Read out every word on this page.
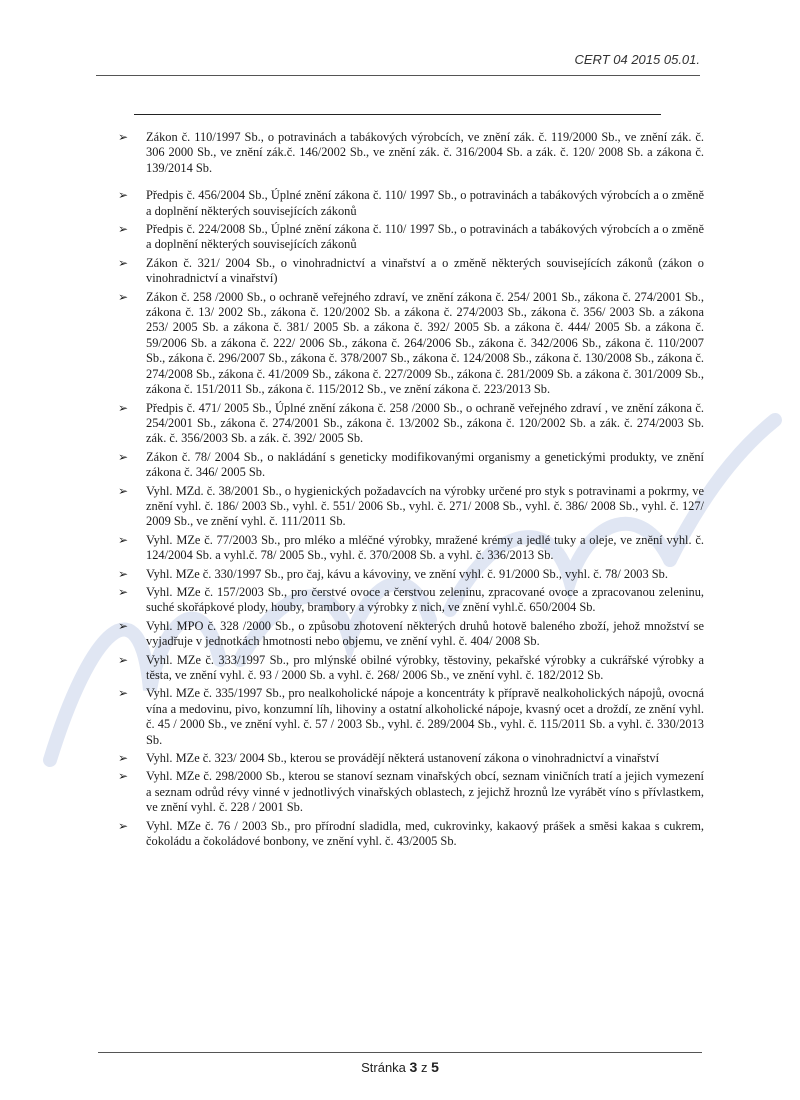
CERT 04 2015 05.01.
➢ Zákon č. 110/1997 Sb., o potravinách a tabákových výrobcích, ve znění zák. č. 119/2000 Sb., ve znění zák. č. 306 2000 Sb., ve znění zák.č. 146/2002 Sb., ve znění zák. č. 316/2004 Sb. a zák. č. 120/ 2008 Sb. a zákona č. 139/2014 Sb.
➢ Předpis č. 456/2004 Sb., Úplné znění zákona č. 110/ 1997 Sb., o potravinách a tabákových výrobcích a o změně a doplnění některých souvisejících zákonů
➢ Předpis č. 224/2008 Sb., Úplné znění zákona č. 110/ 1997 Sb., o potravinách a tabákových výrobcích a o změně a doplnění některých souvisejících zákonů
➢ Zákon č. 321/ 2004 Sb., o vinohradnictví a vinařství a o změně některých souvisejících zákonů (zákon o vinohradnictví a vinařství)
➢ Zákon č. 258 /2000 Sb., o ochraně veřejného zdraví, ve znění zákona č. 254/ 2001 Sb., zákona č. 274/2001 Sb., zákona č. 13/ 2002 Sb., zákona č. 120/2002 Sb. a zákona č. 274/2003 Sb., zákona č. 356/ 2003 Sb. a zákona 253/ 2005 Sb. a zákona č. 381/ 2005 Sb. a zákona č. 392/ 2005 Sb. a zákona č. 444/ 2005 Sb. a zákona č. 59/2006 Sb. a zákona č. 222/ 2006 Sb., zákona č. 264/2006 Sb., zákona č. 342/2006 Sb., zákona č. 110/2007 Sb., zákona č. 296/2007 Sb., zákona č. 378/2007 Sb., zákona č. 124/2008 Sb., zákona č. 130/2008 Sb., zákona č. 274/2008 Sb., zákona č. 41/2009 Sb., zákona č. 227/2009 Sb., zákona č. 281/2009 Sb. a zákona č. 301/2009 Sb., zákona č. 151/2011 Sb., zákona č. 115/2012 Sb., ve znění zákona č. 223/2013 Sb.
➢ Předpis č. 471/ 2005 Sb., Úplné znění zákona č. 258 /2000 Sb., o ochraně veřejného zdraví , ve znění zákona č. 254/2001 Sb., zákona č. 274/2001 Sb., zákona č. 13/2002 Sb., zákona č. 120/2002 Sb. a zák. č. 274/2003 Sb. zák. č. 356/2003 Sb. a zák. č. 392/ 2005 Sb.
➢ Zákon č. 78/ 2004 Sb., o nakládání s geneticky modifikovanými organismy a genetickými produkty, ve znění zákona č. 346/ 2005 Sb.
➢ Vyhl. MZd. č. 38/2001 Sb., o hygienických požadavcích na výrobky určené pro styk s potravinami a pokrmy, ve znění vyhl. č. 186/ 2003 Sb., vyhl. č. 551/ 2006 Sb., vyhl. č. 271/ 2008 Sb., vyhl. č. 386/ 2008 Sb., vyhl. č. 127/ 2009 Sb., ve znění vyhl. č. 111/2011 Sb.
➢ Vyhl. MZe č. 77/2003 Sb., pro mléko a mléčné výrobky, mražené krémy a jedlé tuky a oleje, ve znění vyhl. č. 124/2004 Sb. a vyhl.č. 78/ 2005 Sb., vyhl. č. 370/2008 Sb. a vyhl. č. 336/2013 Sb.
➢ Vyhl. MZe č. 330/1997 Sb., pro čaj, kávu a kávoviny, ve znění vyhl. č. 91/2000 Sb., vyhl. č. 78/ 2003 Sb.
➢ Vyhl. MZe č. 157/2003 Sb., pro čerstvé ovoce a čerstvou zeleninu, zpracované ovoce a zpracovanou zeleninu, suché skořápkové plody, houby, brambory a výrobky z nich, ve znění vyhl.č. 650/2004 Sb.
➢ Vyhl. MPO č. 328 /2000 Sb., o způsobu zhotovení některých druhů hotově baleného zboží, jehož množství se vyjadřuje v jednotkách hmotnosti nebo objemu, ve znění vyhl. č. 404/ 2008 Sb.
➢ Vyhl. MZe č. 333/1997 Sb., pro mlýnské obilné výrobky, těstoviny, pekařské výrobky a cukrářské výrobky a těsta, ve znění vyhl. č. 93 / 2000 Sb. a vyhl. č. 268/ 2006 Sb., ve znění vyhl. č. 182/2012 Sb.
➢ Vyhl. MZe č. 335/1997 Sb., pro nealkoholické nápoje a koncentráty k přípravě nealkoholických nápojů, ovocná vína a medovinu, pivo, konzumní líh, lihoviny a ostatní alkoholické nápoje, kvasný ocet a droždí, ze znění vyhl. č. 45 / 2000 Sb., ve znění vyhl. č. 57 / 2003 Sb., vyhl. č. 289/2004 Sb., vyhl. č. 115/2011 Sb. a vyhl. č. 330/2013 Sb.
➢ Vyhl. MZe č. 323/ 2004 Sb., kterou se provádějí některá ustanovení zákona o vinohradnictví a vinařství
➢ Vyhl. MZe č. 298/2000 Sb., kterou se stanoví seznam vinařských obcí, seznam viničních tratí a jejich vymezení a seznam odrůd révy vinné v jednotlivých vinařských oblastech, z jejichž hroznů lze vyrábět víno s přívlastkem, ve znění vyhl. č. 228 / 2001 Sb.
➢ Vyhl. MZe č. 76 / 2003 Sb., pro přírodní sladidla, med, cukrovinky, kakaový prášek a směsi kakaa s cukrem, čokoládu a čokoládové bonbony, ve znění vyhl. č. 43/2005 Sb.
Stránka 3 z 5
